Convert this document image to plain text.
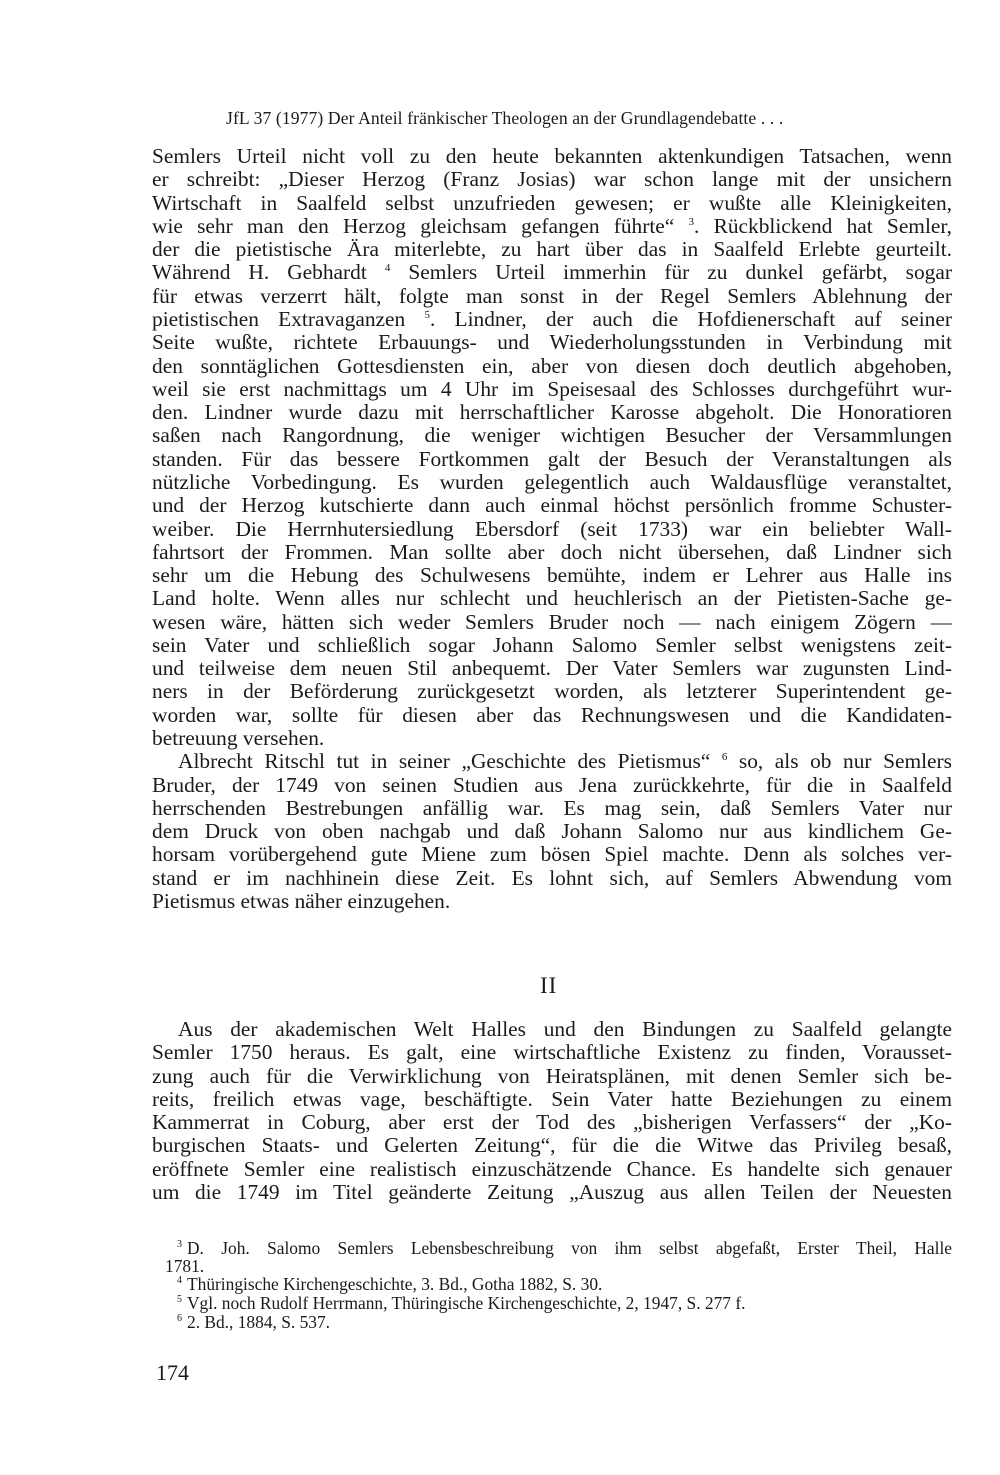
JfL 37 (1977) Der Anteil fränkischer Theologen an der Grundlagendebatte . . .
Semlers Urteil nicht voll zu den heute bekannten aktenkundigen Tatsachen, wenn
er schreibt: „Dieser Herzog (Franz Josias) war schon lange mit der unsichern
Wirtschaft in Saalfeld selbst unzufrieden gewesen; er wußte alle Kleinigkeiten,
wie sehr man den Herzog gleichsam gefangen führte“ $^3$. Rückblickend hat Semler,
der die pietistische Ära miterlebte, zu hart über das in Saalfeld Erlebte geurteilt.
Während H. Gebhardt $^4$ Semlers Urteil immerhin für zu dunkel gefärbt, sogar
für etwas verzerrt hält, folgte man sonst in der Regel Semlers Ablehnung der
pietistischen Extravaganzen $^5$. Lindner, der auch die Hofdienerschaft auf seiner
Seite wußte, richtete Erbauungs- und Wiederholungsstunden in Verbindung mit
den sonntäglichen Gottesdiensten ein, aber von diesen doch deutlich abgehoben,
weil sie erst nachmittags um 4 Uhr im Speisesaal des Schlosses durchgeführt wur-
den. Lindner wurde dazu mit herrschaftlicher Karosse abgeholt. Die Honoratioren
saßen nach Rangordnung, die weniger wichtigen Besucher der Versammlungen
standen. Für das bessere Fortkommen galt der Besuch der Veranstaltungen als
nützliche Vorbedingung. Es wurden gelegentlich auch Waldausflüge veranstaltet,
und der Herzog kutschierte dann auch einmal höchst persönlich fromme Schuster-
weiber. Die Herrnhutersiedlung Ebersdorf (seit 1733) war ein beliebter Wall-
fahrtsort der Frommen. Man sollte aber doch nicht übersehen, daß Lindner sich
sehr um die Hebung des Schulwesens bemühte, indem er Lehrer aus Halle ins
Land holte. Wenn alles nur schlecht und heuchlerisch an der Pietisten-Sache ge-
wesen wäre, hätten sich weder Semlers Bruder noch — nach einigem Zögern —
sein Vater und schließlich sogar Johann Salomo Semler selbst wenigstens zeit-
und teilweise dem neuen Stil anbequemt. Der Vater Semlers war zugunsten Lind-
ners in der Beförderung zurückgesetzt worden, als letzterer Superintendent ge-
worden war, sollte für diesen aber das Rechnungswesen und die Kandidaten-
betreuung versehen.
Albrecht Ritschl tut in seiner „Geschichte des Pietismus“ $^6$ so, als ob nur Semlers
Bruder, der 1749 von seinen Studien aus Jena zurückkehrte, für die in Saalfeld
herrschenden Bestrebungen anfällig war. Es mag sein, daß Semlers Vater nur
dem Druck von oben nachgab und daß Johann Salomo nur aus kindlichem Ge-
horsam vorübergehend gute Miene zum bösen Spiel machte. Denn als solches ver-
stand er im nachhinein diese Zeit. Es lohnt sich, auf Semlers Abwendung vom
Pietismus etwas näher einzugehen.
II
Aus der akademischen Welt Halles und den Bindungen zu Saalfeld gelangte
Semler 1750 heraus. Es galt, eine wirtschaftliche Existenz zu finden, Vorausset-
zung auch für die Verwirklichung von Heiratsplänen, mit denen Semler sich be-
reits, freilich etwas vage, beschäftigte. Sein Vater hatte Beziehungen zu einem
Kammerrat in Coburg, aber erst der Tod des „bisherigen Verfassers“ der „Ko-
burgischen Staats- und Gelerten Zeitung“, für die die Witwe das Privileg besaß,
eröffnete Semler eine realistisch einzuschätzende Chance. Es handelte sich genauer
um die 1749 im Titel geänderte Zeitung „Auszug aus allen Teilen der Neuesten
$^3$ D. Joh. Salomo Semlers Lebensbeschreibung von ihm selbst abgefaßt, Erster Theil, Halle
1781.
$^4$ Thüringische Kirchengeschichte, 3. Bd., Gotha 1882, S. 30.
$^5$ Vgl. noch Rudolf Herrmann, Thüringische Kirchengeschichte, 2, 1947, S. 277 f.
$^6$ 2. Bd., 1884, S. 537.
174
